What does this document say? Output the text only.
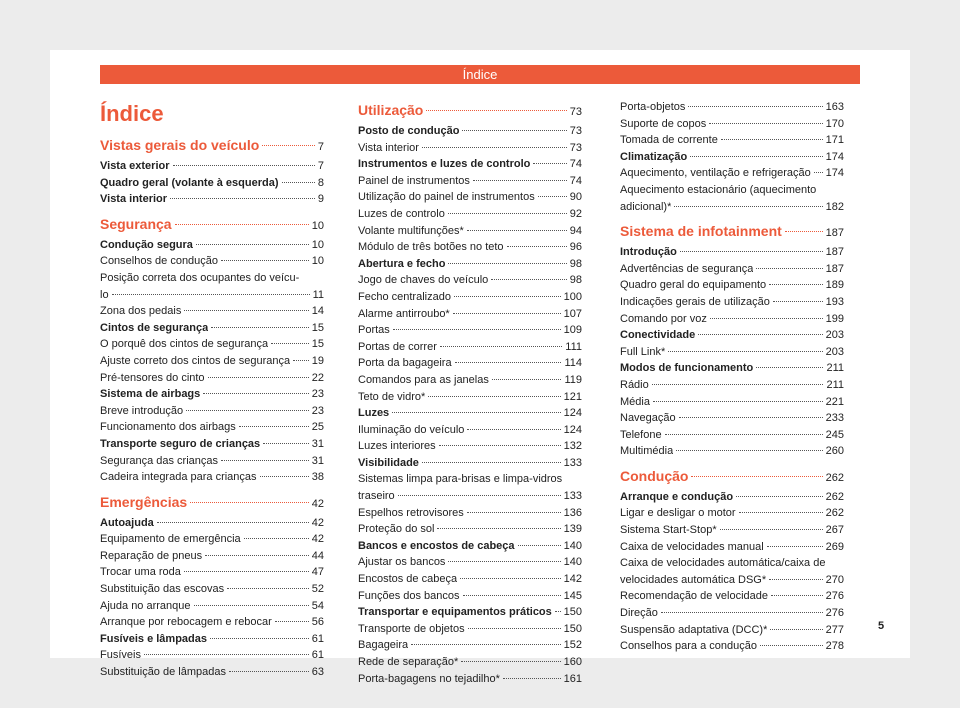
Índice
Índice
Vistas gerais do veículo	7
Vista exterior	7
Quadro geral (volante à esquerda)	8
Vista interior	9
Segurança	10
Condução segura	10
Conselhos de condução	10
Posição correta dos ocupantes do veícu-
lo	11
Zona dos pedais	14
Cintos de segurança	15
O porquê dos cintos de segurança	15
Ajuste correto dos cintos de segurança 19
Pré-tensores do cinto	22
Sistema de airbags	23
Breve introdução	23
Funcionamento dos airbags	25
Transporte seguro de crianças	31
Segurança das crianças	31
Cadeira integrada para crianças	38
Emergências	42
Autoajuda	42
Equipamento de emergência	42
Reparação de pneus	44
Trocar uma roda	47
Substituição das escovas	52
Ajuda no arranque	54
Arranque por rebocagem e rebocar	56
Fusíveis e lâmpadas	61
Fusíveis	61
Substituição de lâmpadas	63
Utilização	73
Posto de condução	73
Vista interior	73
Instrumentos e luzes de controlo	74
Painel de instrumentos	74
Utilização do painel de instrumentos	90
Luzes de controlo	92
Volante multifunções*	94
Módulo de três botões no teto	96
Abertura e fecho	98
Jogo de chaves do veículo	98
Fecho centralizado	100
Alarme antirroubo*	107
Portas	109
Portas de correr	111
Porta da bagageira	114
Comandos para as janelas	119
Teto de vidro*	121
Luzes	124
Iluminação do veículo	124
Luzes interiores	132
Visibilidade	133
Sistemas limpa para-brisas e limpa-vidros
traseiro	133
Espelhos retrovisores	136
Proteção do sol	139
Bancos e encostos de cabeça	140
Ajustar os bancos	140
Encostos de cabeça	142
Funções dos bancos	145
Transportar e equipamentos práticos 150
Transporte de objetos	150
Bagageira	152
Rede de separação*	160
Porta-bagagens no tejadilho*	161
Porta-objetos	163
Suporte de copos	170
Tomada de corrente	171
Climatização	174
Aquecimento, ventilação e refrigeração 174
Aquecimento estacionário (aquecimento
adicional)*	182
Sistema de infotainment	187
Introdução	187
Advertências de segurança	187
Quadro geral do equipamento	189
Indicações gerais de utilização	193
Comando por voz	199
Conectividade	203
Full Link*	203
Modos de funcionamento	211
Rádio	211
Média	221
Navegação	233
Telefone	245
Multimédia	260
Condução	262
Arranque e condução	262
Ligar e desligar o motor	262
Sistema Start-Stop*	267
Caixa de velocidades manual	269
Caixa de velocidades automática/caixa de
velocidades automática DSG*	270
Recomendação de velocidade	276
Direção	276
Suspensão adaptativa (DCC)*	277
Conselhos para a condução	278
5
